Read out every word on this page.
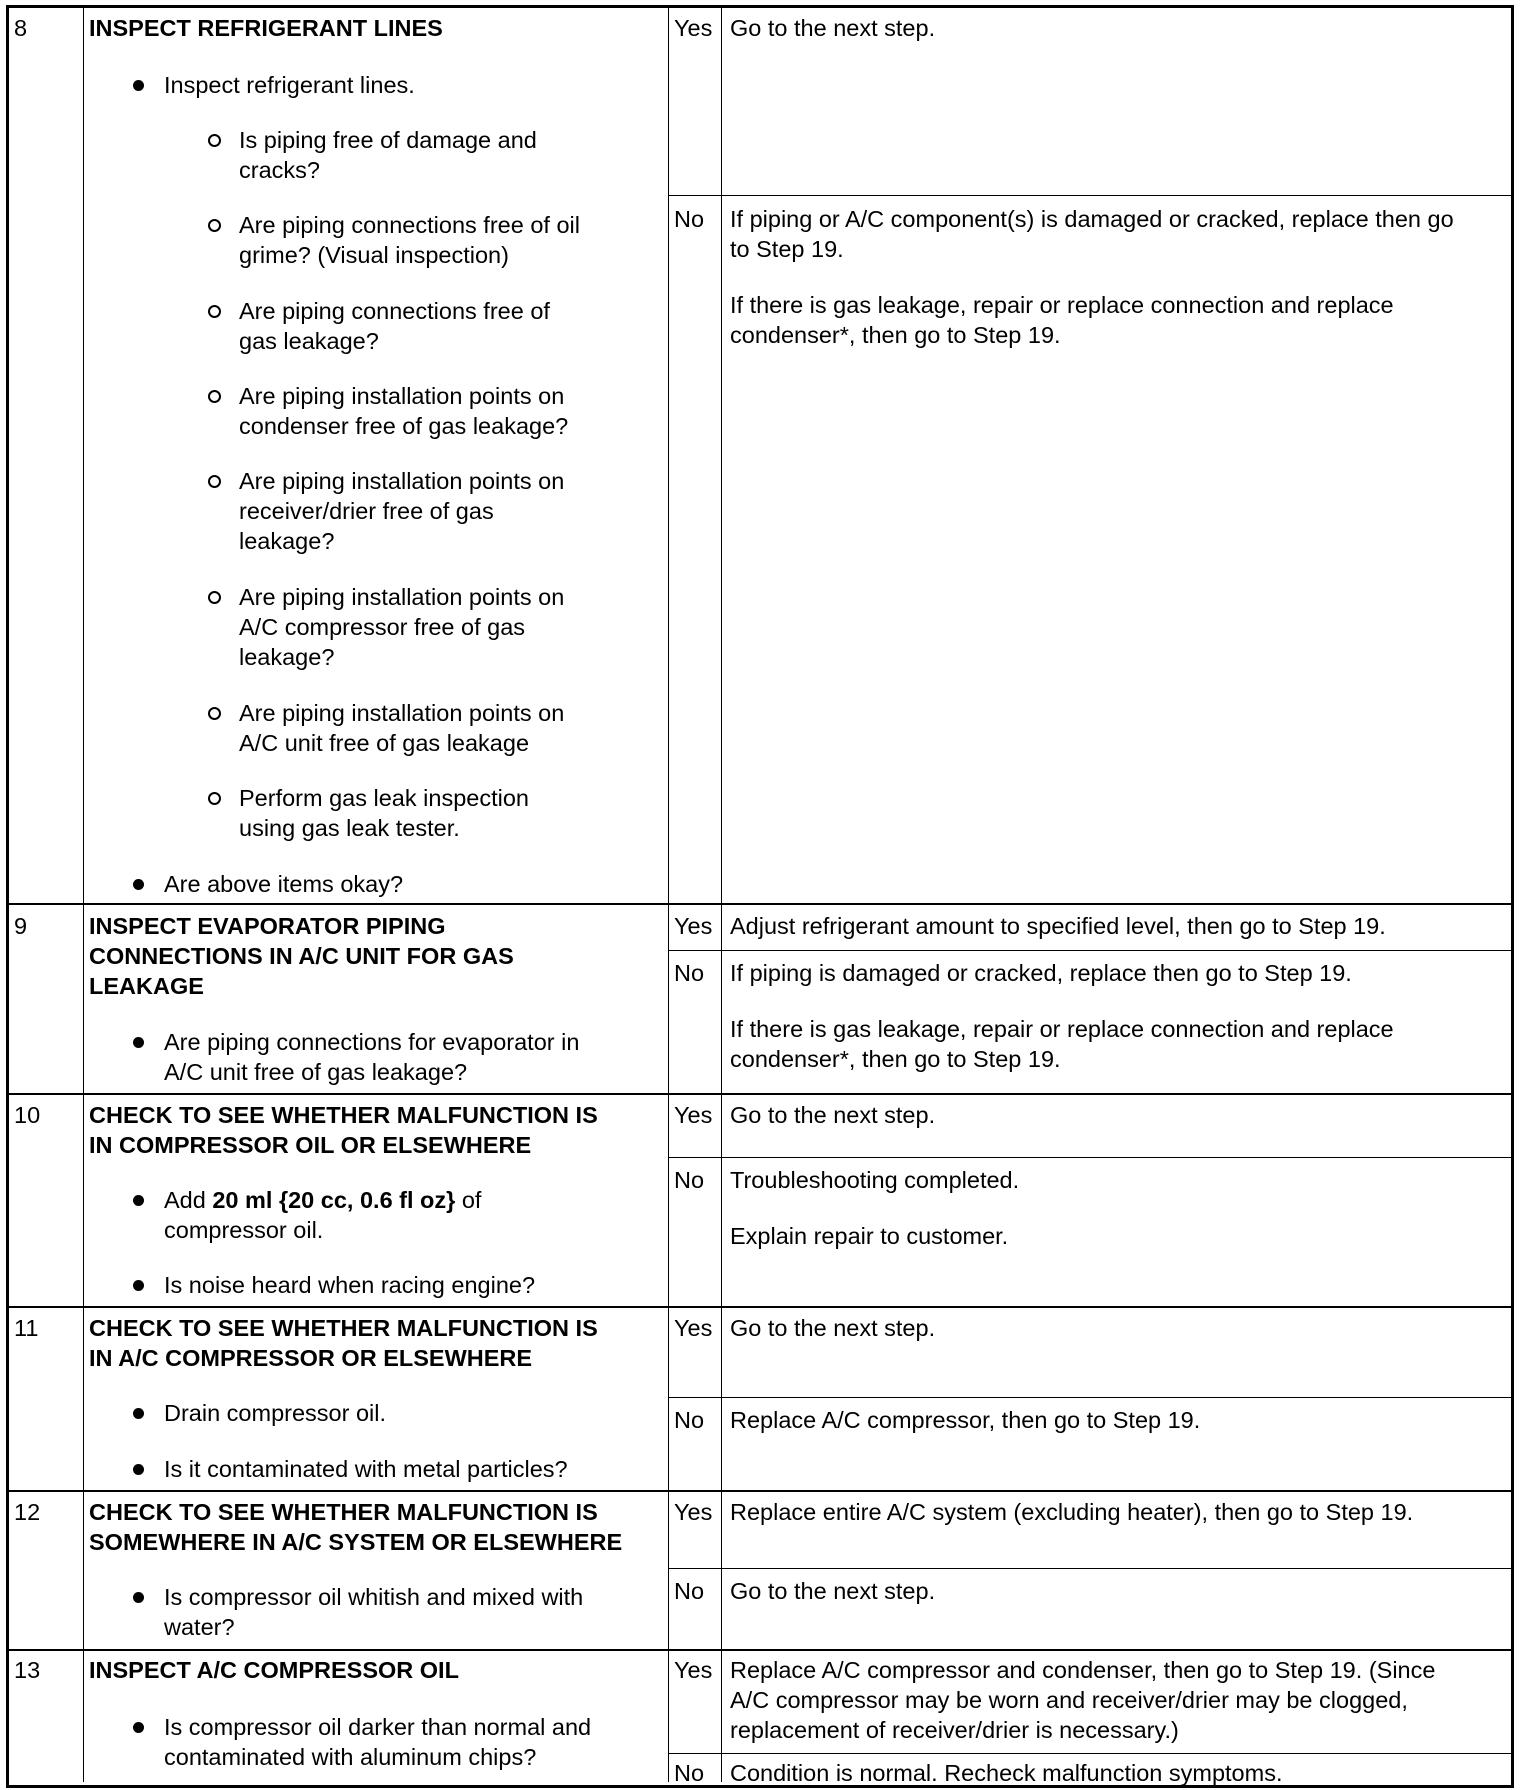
8	INSPECT REFRIGERANT LINES
Inspect refrigerant lines.
Is piping free of damage and
cracks?
Are piping connections free of oil
grime? (Visual inspection)
Are piping connections free of
gas leakage?
Are piping installation points on
condenser free of gas leakage?
Are piping installation points on
receiver/drier free of gas
leakage?
Are piping installation points on
A/C compressor free of gas
leakage?
Are piping installation points on
A/C unit free of gas leakage
Perform gas leak inspection
using gas leak tester.
Are above items okay?
Yes Go to the next step.
No If piping or A/C component(s) is damaged or cracked, replace then go
to Step 19.
If there is gas leakage, repair or replace connection and replace
condenser*, then go to Step 19.
9	INSPECT EVAPORATOR PIPING
CONNECTIONS IN A/C UNIT FOR GAS
LEAKAGE
Are piping connections for evaporator in
A/C unit free of gas leakage?
Yes Adjust refrigerant amount to specified level, then go to Step 19.
No If piping is damaged or cracked, replace then go to Step 19.
If there is gas leakage, repair or replace connection and replace
condenser*, then go to Step 19.
10 CHECK TO SEE WHETHER MALFUNCTION IS
IN COMPRESSOR OIL OR ELSEWHERE
Add 20 ml {20 cc, 0.6 fl oz} of
compressor oil.
Is noise heard when racing engine?
Yes Go to the next step.
No Troubleshooting completed.
Explain repair to customer.
11 CHECK TO SEE WHETHER MALFUNCTION IS
IN A/C COMPRESSOR OR ELSEWHERE
Drain compressor oil.
Is it contaminated with metal particles?
Yes Go to the next step.
No Replace A/C compressor, then go to Step 19.
12 CHECK TO SEE WHETHER MALFUNCTION IS
SOMEWHERE IN A/C SYSTEM OR ELSEWHERE
Is compressor oil whitish and mixed with
water?
Yes Replace entire A/C system (excluding heater), then go to Step 19.
No Go to the next step.
13 INSPECT A/C COMPRESSOR OIL
Is compressor oil darker than normal and
contaminated with aluminum chips?
Yes Replace A/C compressor and condenser, then go to Step 19. (Since
A/C compressor may be worn and receiver/drier may be clogged,
replacement of receiver/drier is necessary.)
No Condition is normal. Recheck malfunction symptoms.
